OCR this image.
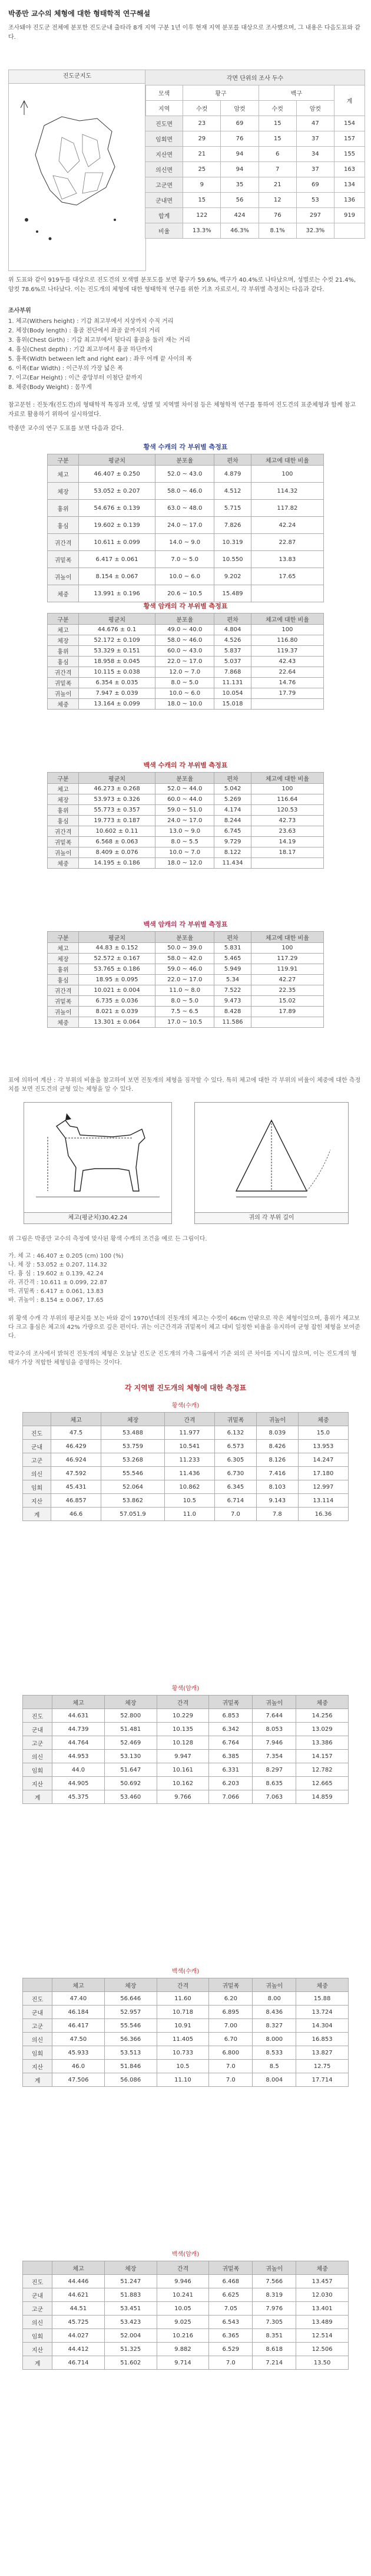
박종만 교수의 체형에 대한 형태학적 연구해설
조사돼야 진도군 전체에 분포한 진도군내 출타라 8개 지역 구분 1년 이후 현재 지역 분포를 대상으로 조사했으며, 그 내용은 다음도표와 같다.
진도군지도	각면 단위의 조사 두수					
모색	황구		백구		계
지역	수컷	암컷	수컷	암컷	
진도면	23	69	15	47	154
임회면	29	76	15	37	157
지산면	21	94	6	34	155
의신면	25	94	7	37	163
고군면	9	35	21	69	134
군내면	15	56	12	53	136
합계	122	424	76	297	919
비율	13.3%	46.3%	8.1%	32.3%	
위 도표와 같이 919두를 대상으로 진도견의 모색별 분포도를 보면 황구가 59.6%, 백구가 40.4%로 나타났으며, 성별로는 수컷 21.4%, 암컷 78.6%로 나타났다. 이는 진도개의 체형에 대한 형태학적 연구를 위한 기초 자료로서, 각 부위별 측정치는 다음과 같다.
조사부위
1. 체고(Withers height) : 기갑 최고부에서 지상까지 수직 거리
2. 체장(Body length) : 흉골 전단에서 좌골 끝까지의 거리
3. 흉위(Chest Girth) : 기갑 최고부에서 뒷다리 흉골을 둘러 재는 거리
4. 흉심(Chest depth) : 기갑 최고부에서 흉골 하단까지
5. 흉폭(Width between left and right ear) : 좌우 어깨 끝 사이의 폭
6. 이폭(Ear Width) : 이근부의 가장 넓은 폭
7. 이고(Ear Height) : 이근 중앙부터 이첨단 끝까지
8. 체중(Body Weight) : 몸무게
참고문헌 : 진돗개(진도견)의 형태학적 특징과 모색, 성별 및 지역별 차이점 등은 체형학적 연구를 통하여 진도견의 표준체형과 함께 참고 자료로 활용하기 위하여 실시하였다.
박종만 교수의 연구 도표를 보면 다음과 같다.
황색 수캐의 각 부위별 측정표
구분	평균치	분포율	편차	체고에 대한 비율
체고	46.407 ± 0.250	52.0 ~ 43.0	4.879	100
체장	53.052 ± 0.207	58.0 ~ 46.0	4.512	114.32
흉위	54.676 ± 0.139	63.0 ~ 48.0	5.715	117.82
흉심	19.602 ± 0.139	24.0 ~ 17.0	7.826	42.24
귀간격	10.611 ± 0.099	14.0 ~ 9.0	10.319	22.87
귀밑폭	6.417 ± 0.061	7.0 ~ 5.0	10.550	13.83
귀높이	8.154 ± 0.067	10.0 ~ 6.0	9.202	17.65
체중	13.991 ± 0.196	20.6 ~ 10.5	15.489	
황색 암캐의 각 부위별 측정표
구분	평균치	분포율	편차	체고에 대한 비율
체고	44.676 ± 0.1	49.0 ~ 40.0	4.804	100
체장	52.172 ± 0.109	58.0 ~ 46.0	4.526	116.80
흉위	53.329 ± 0.151	60.0 ~ 43.0	5.837	119.37
흉심	18.958 ± 0.045	22.0 ~ 17.0	5.037	42.43
귀간격	10.115 ± 0.038	12.0 ~ 7.0	7.868	22.64
귀밑폭	6.354 ± 0.035	8.0 ~ 5.0	11.131	14.76
귀높이	7.947 ± 0.039	10.0 ~ 6.0	10.054	17.79
체중	13.164 ± 0.099	18.0 ~ 10.0	15.018	
백색 수캐의 각 부위별 측정표
구분	평균치	분포율	편차	체고에 대한 비율
체고	46.273 ± 0.268	52.0 ~ 44.0	5.042	100
체장	53.973 ± 0.326	60.0 ~ 44.0	5.269	116.64
흉위	55.773 ± 0.357	59.0 ~ 51.0	4.174	120.53
흉심	19.773 ± 0.187	24.0 ~ 17.0	8.244	42.73
귀간격	10.602 ± 0.11	13.0 ~ 9.0	6.745	23.63
귀밑폭	6.568 ± 0.063	8.0 ~ 5.5	9.729	14.19
귀높이	8.409 ± 0.076	10.0 ~ 7.0	8.122	18.17
체중	14.195 ± 0.186	18.0 ~ 12.0	11.434	
백색 암캐의 각 부위별 측정표
구분	평균치	분포율	편차	체고에 대한 비율
체고	44.83 ± 0.152	50.0 ~ 39.0	5.831	100
체장	52.572 ± 0.167	58.0 ~ 42.0	5.465	117.29
흉위	53.765 ± 0.186	59.0 ~ 46.0	5.949	119.91
흉심	18.95 ± 0.095	22.0 ~ 17.0	5.34	42.27
귀간격	10.021 ± 0.004	11.0 ~ 8.0	7.522	22.35
귀밑폭	6.735 ± 0.036	8.0 ~ 5.0	9.473	15.02
귀높이	8.021 ± 0.039	7.5 ~ 6.5	8.428	17.89
체중	13.301 ± 0.064	17.0 ~ 10.5	11.586	
표에 의하여 계산 : 각 부위의 비율을 참고하여 보면 진돗개의 체형을 짐작할 수 있다. 특히 체고에 대한 각 부위의 비율이 체중에 대한 측정치를 보면 진도견의 균형 있는 체형을 알 수 있다.
체고(평균치)30.42.24	귀의 각 부위 길이
위 그림은 박종만 교수의 측정에 맞사된 황색 수캐의 조건을 예로 든 그림이다.
가. 체 고 : 46.407 ± 0.205 (cm) 100 (%)
나. 체 장 : 53.052 ± 0.207, 114.32
다. 흉 심 : 19.602 ± 0.139, 42.24
라. 귀간격 : 10.611 ± 0.099, 22.87
마. 귀밑폭 : 6.417 ± 0.061, 13.83
바. 귀높이 : 8.154 ± 0.067, 17.65
위 황색 수캐 각 부위의 평균치를 보는 바와 같이 1970년대의 진돗개의 체고는 수컷이 46cm 안팎으로 작은 체형이었으며, 흉위가 체고보다 크고 흉심은 체고의 42% 가량으로 깊은 편이다. 귀는 이근간격과 귀밑폭이 체고 대비 일정한 비율을 유지하여 균형 잡힌 체형을 보여준다.
박교수의 조사에서 밝혀진 진돗개의 체형은 오늘날 진도군 진도개의 가축 그룹에서 기준 외의 큰 차이를 지니지 않으며, 이는 진도개의 형태가 가장 적합한 체형임을 증명하는 것이다.
각 지역별 진도개의 체형에 대한 측정표
황색(수캐)
	체고	체장	간격	귀밑폭	귀높이	체중
진도	47.5	53.488	11.977	6.132	8.039	15.0
군내	46.429	53.759	10.541	6.573	8.426	13.953
고군	46.924	53.268	11.233	6.305	8.126	14.247
의신	47.592	55.546	11.436	6.730	7.416	17.180
임회	45.431	52.064	10.862	6.345	8.103	12.997
지산	46.857	53.862	10.5	6.714	9.143	13.114
계	46.6	57.051.9	11.0	7.0	7.8	16.36
황색(암캐)
	체고	체장	간격	귀밑폭	귀높이	체중
진도	44.631	52.800	10.229	6.853	7.644	14.256
군내	44.739	51.481	10.135	6.342	8.053	13.029
고군	44.764	52.469	10.128	6.764	7.946	13.386
의신	44.953	53.130	9.947	6.385	7.354	14.157
임회	44.0	51.647	10.161	6.331	8.297	12.782
지산	44.905	50.692	10.162	6.203	8.635	12.665
계	45.375	53.460	9.766	7.066	7.063	14.859
백색(수캐)
	체고	체장	간격	귀밑폭	귀높이	체중
진도	47.40	56.646	11.60	6.20	8.00	15.88
군내	46.184	52.957	10.718	6.895	8.436	13.724
고군	46.417	55.546	10.91	7.00	8.327	14.304
의신	47.50	56.366	11.405	6.70	8.000	16.853
임회	45.933	53.513	10.733	6.800	8.533	13.827
지산	46.0	51.846	10.5	7.0	8.5	12.75
계	47.506	56.086	11.10	7.0	8.004	17.714
백색(암캐)
	체고	체장	간격	귀밑폭	귀높이	체중
진도	44.446	51.247	9.946	6.468	7.566	13.457
군내	44.621	51.883	10.241	6.625	8.319	12.030
고군	44.51	53.451	10.05	7.05	7.976	13.401
의신	45.725	53.423	9.025	6.543	7.305	13.489
임회	44.027	52.004	10.216	6.365	8.351	12.514
지산	44.412	51.325	9.882	6.529	8.618	12.506
계	46.714	51.602	9.714	7.0	7.214	13.50
